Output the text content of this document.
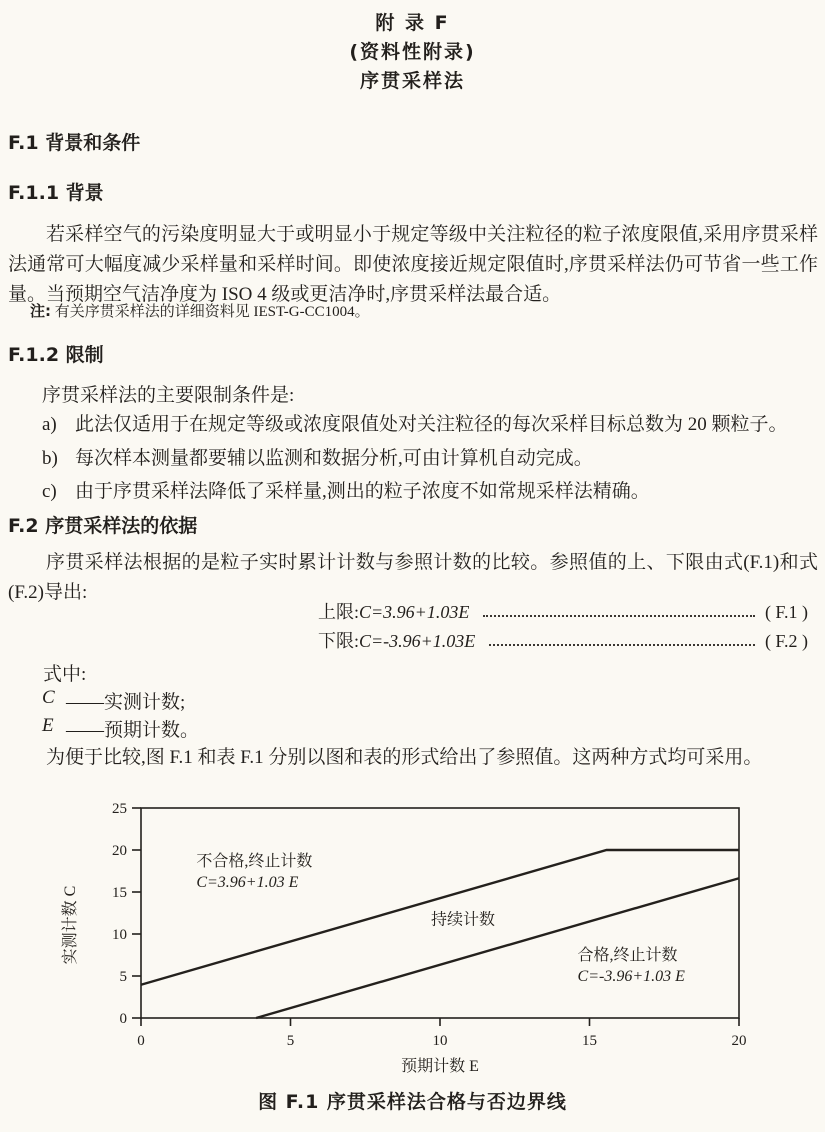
附 录 F
(资料性附录)
序贯采样法
F.1 背景和条件
F.1.1 背景
若采样空气的污染度明显大于或明显小于规定等级中关注粒径的粒子浓度限值,采用序贯采样法通常可大幅度减少采样量和采样时间。即使浓度接近规定限值时,序贯采样法仍可节省一些工作量。当预期空气洁净度为 ISO 4 级或更洁净时,序贯采样法最合适。
注: 有关序贯采样法的详细资料见 IEST-G-CC1004。
F.1.2 限制
序贯采样法的主要限制条件是:
a) 此法仅适用于在规定等级或浓度限值处对关注粒径的每次采样目标总数为 20 颗粒子。
b) 每次样本测量都要辅以监测和数据分析,可由计算机自动完成。
c) 由于序贯采样法降低了采样量,测出的粒子浓度不如常规采样法精确。
F.2 序贯采样法的依据
序贯采样法根据的是粒子实时累计计数与参照计数的比较。参照值的上、下限由式(F.1)和式(F.2)导出:
上限: C=3.96+1.03E	( F.1 )
下限: C=-3.96+1.03E	( F.2 )
式中:
C ——实测计数;
E ——预期计数。
为便于比较,图 F.1 和表 F.1 分别以图和表的形式给出了参照值。这两种方式均可采用。
0
5
10
15
20
25
0	5	10	15	20
不合格,终止计数 C=3.96+1.03 E
持续计数
合格,终止计数 C=-3.96+1.03 E
预期计数 E
实测计数 C
图 F.1 序贯采样法合格与否边界线
